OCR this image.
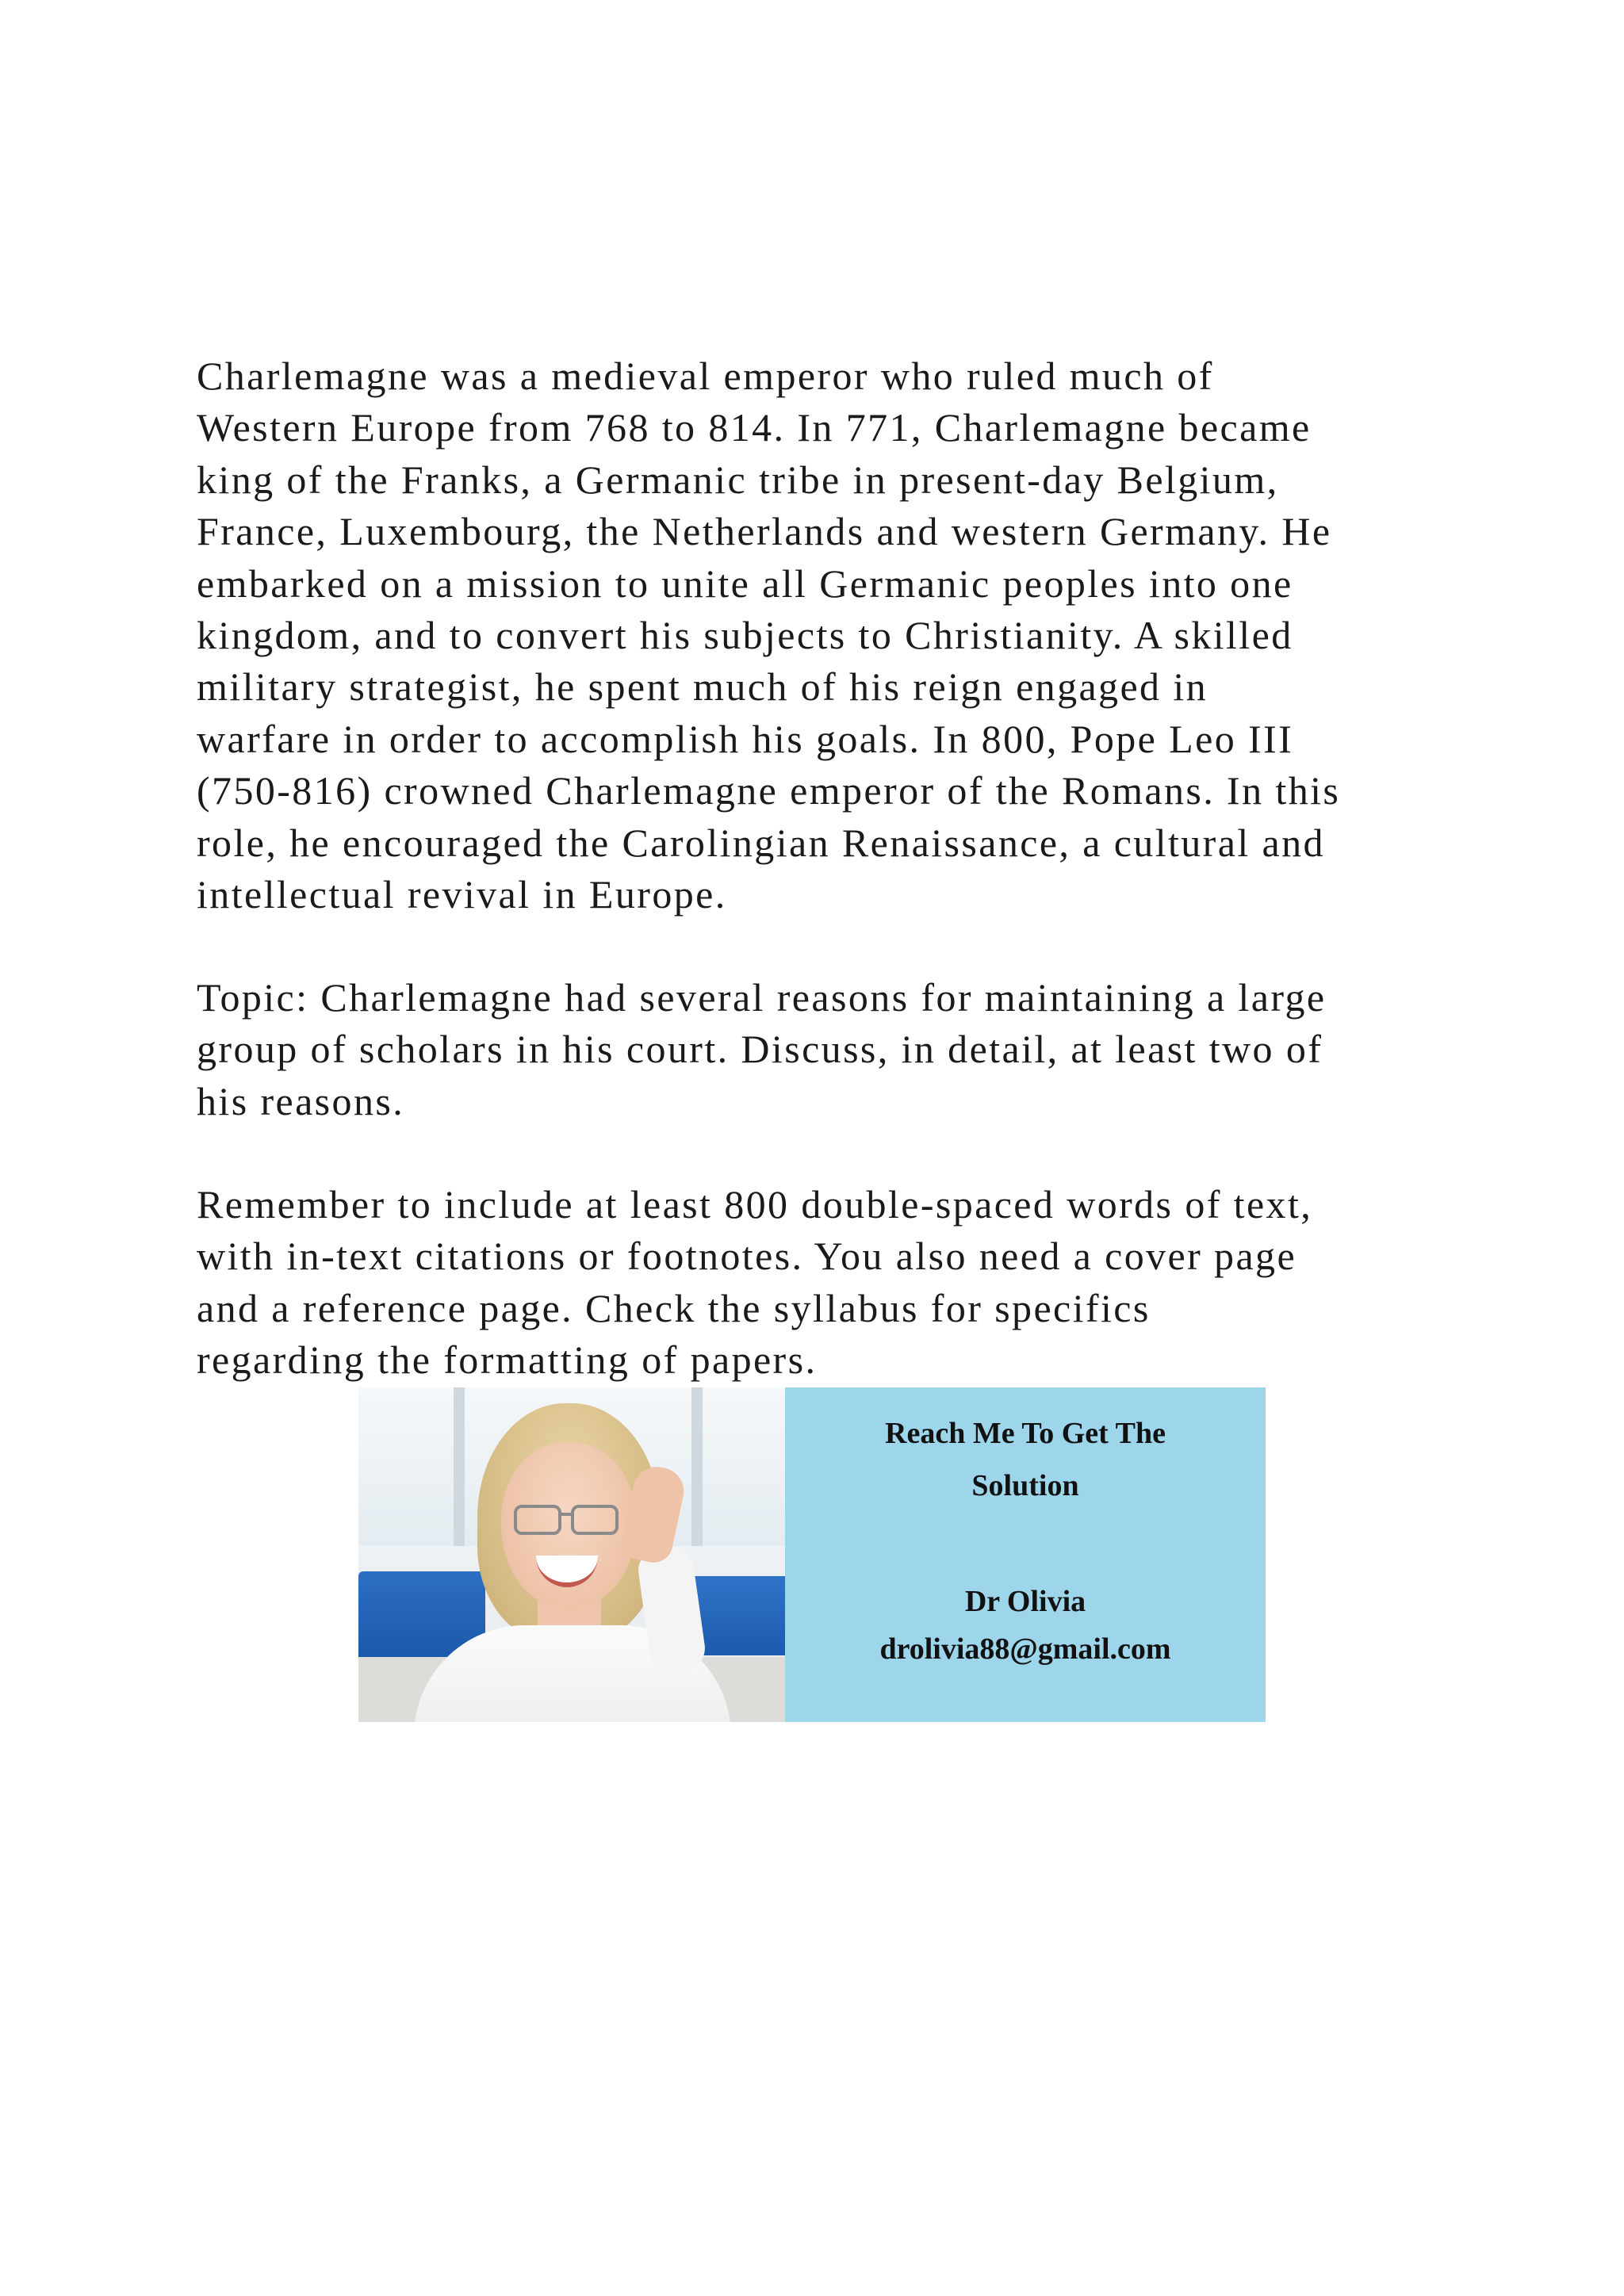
Charlemagne was a medieval emperor who ruled much of
Western Europe from 768 to 814. In 771, Charlemagne became
king of the Franks, a Germanic tribe in present-day Belgium,
France, Luxembourg, the Netherlands and western Germany. He
embarked on a mission to unite all Germanic peoples into one
kingdom, and to convert his subjects to Christianity. A skilled
military strategist, he spent much of his reign engaged in
warfare in order to accomplish his goals. In 800, Pope Leo III
(750-816) crowned Charlemagne emperor of the Romans. In this
role, he encouraged the Carolingian Renaissance, a cultural and
intellectual revival in Europe.
Topic: Charlemagne had several reasons for maintaining a large
group of scholars in his court. Discuss, in detail, at least two of
his reasons.
Remember to include at least 800 double-spaced words of text,
with in-text citations or footnotes. You also need a cover page
and a reference page. Check the syllabus for specifics
regarding the formatting of papers.
Reach Me To Get The
Solution
Dr Olivia
drolivia88@gmail.com
